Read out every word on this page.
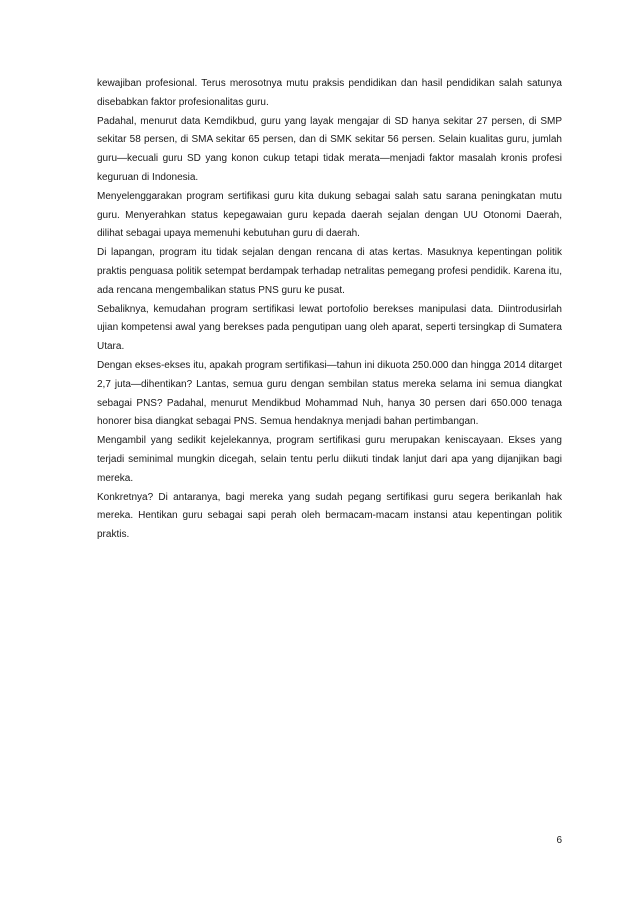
kewajiban profesional. Terus merosotnya mutu praksis pendidikan dan hasil pendidikan salah satunya disebabkan faktor profesionalitas guru.

Padahal, menurut data Kemdikbud, guru yang layak mengajar di SD hanya sekitar 27 persen, di SMP sekitar 58 persen, di SMA sekitar 65 persen, dan di SMK sekitar 56 persen. Selain kualitas guru, jumlah guru—kecuali guru SD yang konon cukup tetapi tidak merata—menjadi faktor masalah kronis profesi keguruan di Indonesia.

Menyelenggarakan program sertifikasi guru kita dukung sebagai salah satu sarana peningkatan mutu guru. Menyerahkan status kepegawaian guru kepada daerah sejalan dengan UU Otonomi Daerah, dilihat sebagai upaya memenuhi kebutuhan guru di daerah.

Di lapangan, program itu tidak sejalan dengan rencana di atas kertas. Masuknya kepentingan politik praktis penguasa politik setempat berdampak terhadap netralitas pemegang profesi pendidik. Karena itu, ada rencana mengembalikan status PNS guru ke pusat.

Sebaliknya, kemudahan program sertifikasi lewat portofolio berekses manipulasi data. Diintrodusirlah ujian kompetensi awal yang berekses pada pengutipan uang oleh aparat, seperti tersingkap di Sumatera Utara.

Dengan ekses-ekses itu, apakah program sertifikasi—tahun ini dikuota 250.000 dan hingga 2014 ditarget 2,7 juta—dihentikan? Lantas, semua guru dengan sembilan status mereka selama ini semua diangkat sebagai PNS? Padahal, menurut Mendikbud Mohammad Nuh, hanya 30 persen dari 650.000 tenaga honorer bisa diangkat sebagai PNS. Semua hendaknya menjadi bahan pertimbangan.

Mengambil yang sedikit kejelekannya, program sertifikasi guru merupakan keniscayaan. Ekses yang terjadi seminimal mungkin dicegah, selain tentu perlu diikuti tindak lanjut dari apa yang dijanjikan bagi mereka.

Konkretnya? Di antaranya, bagi mereka yang sudah pegang sertifikasi guru segera berikanlah hak mereka. Hentikan guru sebagai sapi perah oleh bermacam-macam instansi atau kepentingan politik praktis.

6
